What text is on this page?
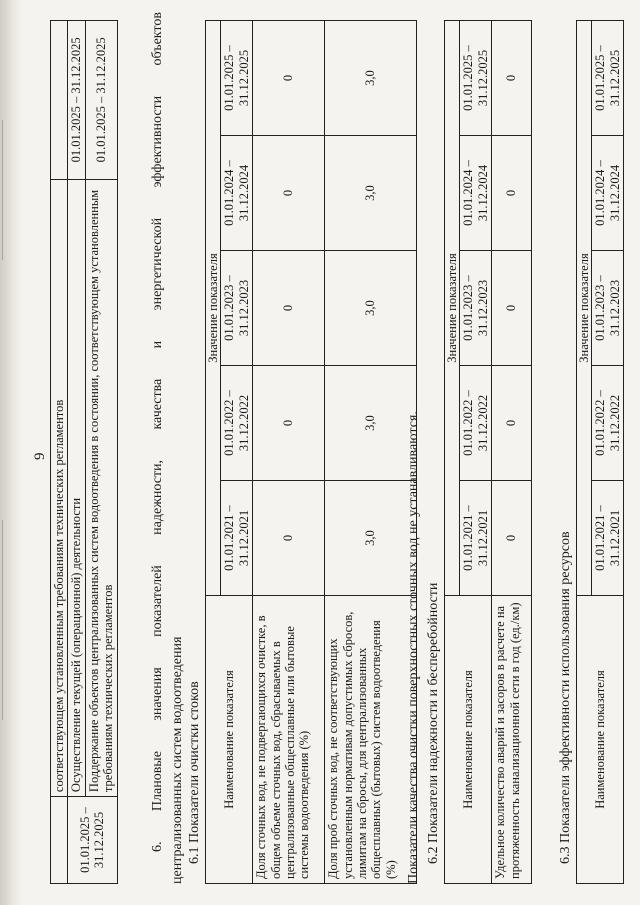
9
	соответствующем установленным требованиям технических регламентов	
01.01.2025 – 31.12.2025	Осуществление текущей (операционной) деятельности	01.01.2025 – 31.12.2025
	Поддержание объектов централизованных систем водоотведения в состоянии, соответствующем установленным требованиям технических регламентов	01.01.2025 – 31.12.2025
6.
Плановые
значения
показателей
надежности,
качества
и
энергетической
эффективности
объектов
централизованных систем водоотведения 6.1 Показатели очистки стоков Наименование показателя	Значение показателя				
	01.01.2021 – 31.12.2021	01.01.2022 – 31.12.2022	01.01.2023 – 31.12.2023	01.01.2024 – 31.12.2024	01.01.2025 – 31.12.2025
Доля сточных вод, не подвергающихся очистке, в общем объеме сточных вод, сбрасываемых в централизованные общесплавные или бытовые системы водоотведения (%)	0	0	0	0	0
Доля проб сточных вод, не соответствующих установленным нормативам допустимых сбросов, лимитам на сбросы, для централизованных общесплавных (бытовых) систем водоотведения (%)	3,0	3,0	3,0	3,0	3,0
Показатели качества очистки поверхностных сточных вод не устанавливаются. 6.2 Показатели надежности и бесперебойности Наименование показателя	Значение показателя				
	01.01.2021 – 31.12.2021	01.01.2022 – 31.12.2022	01.01.2023 – 31.12.2023	01.01.2024 – 31.12.2024	01.01.2025 – 31.12.2025
Удельное количество аварий и засоров в расчете на протяженность канализационной сети в год (ед./км)	0	0	0	0	0
6.3 Показатели эффективности использования ресурсов Наименование показателя	Значение показателя				
	01.01.2021 – 31.12.2021	01.01.2022 – 31.12.2022	01.01.2023 – 31.12.2023	01.01.2024 – 31.12.2024	01.01.2025 – 31.12.2025
